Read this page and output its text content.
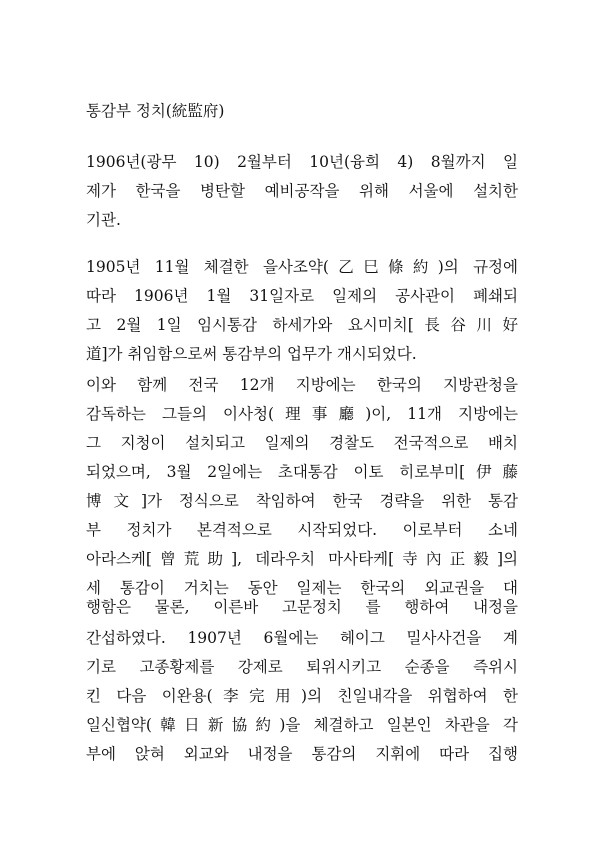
통감부 정치(統監府)
1906년(광무 10) 2월부터 10년(융희 4) 8월까지 일
제가 한국을 병탄할 예비공작을 위해 서울에 설치한
기관.
1905년 11월 체결한 을사조약(乙巳條約)의 규정에
따라 1906년 1월 31일자로 일제의 공사관이 폐쇄되
고 2월 1일 임시통감 하세가와 요시미치[長谷川好
道]가 취임함으로써 통감부의 업무가 개시되었다.
이와 함께 전국 12개 지방에는 한국의 지방관청을
감독하는 그들의 이사청(理事廳)이, 11개 지방에는
그 지청이 설치되고 일제의 경찰도 전국적으로 배치
되었으며, 3월 2일에는 초대통감 이토 히로부미[伊藤
博文]가 정식으로 착임하여 한국 경략을 위한 통감
부 정치가 본격적으로 시작되었다. 이로부터 소네
아라스케[曾荒助], 데라우치 마사타케[寺內正毅]의
세 통감이 거치는 동안 일제는 한국의 외교권을 대
행함은 물론, 이른바 고문정치 를 행하여 내정을
간섭하였다. 1907년 6월에는 헤이그 밀사사건을 계
기로 고종황제를 강제로 퇴위시키고 순종을 즉위시
킨 다음 이완용(李完用)의 친일내각을 위협하여 한
일신협약(韓日新協約)을 체결하고 일본인 차관을 각
부에 앉혀 외교와 내정을 통감의 지휘에 따라 집행
